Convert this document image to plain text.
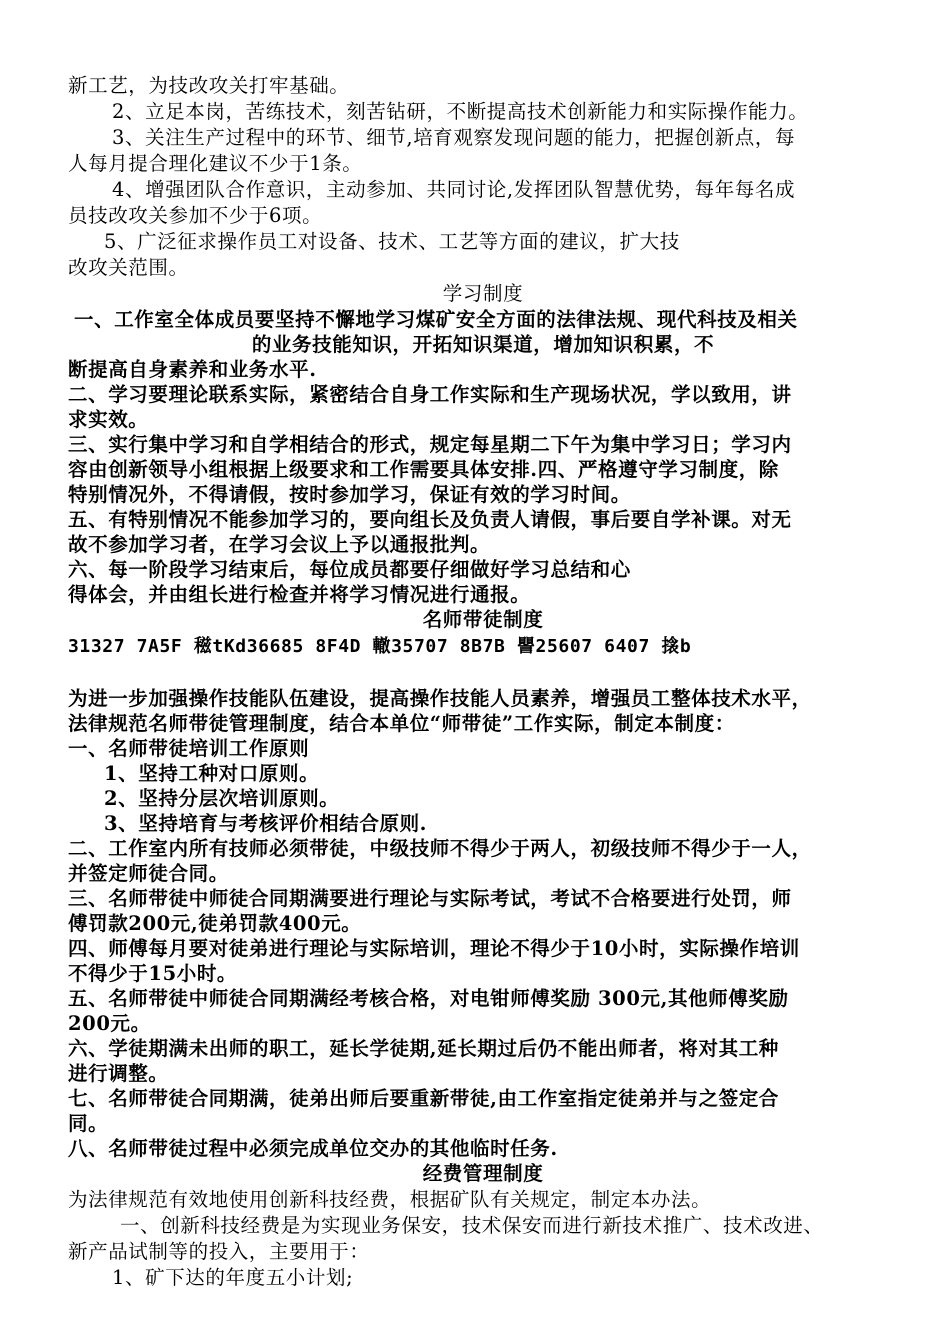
新工艺，为技改攻关打牢基础。
2、立足本岗，苦练技术，刻苦钻研，不断提高技术创新能力和实际操作能力。
3、关注生产过程中的环节、细节,培育观察发现问题的能力，把握创新点，每
人每月提合理化建议不少于1条。
4、增强团队合作意识，主动参加、共同讨论,发挥团队智慧优势，每年每名成
员技改攻关参加不少于6项。
5、广泛征求操作员工对设备、技术、工艺等方面的建议，扩大技
改攻关范围。
学习制度
一、工作室全体成员要坚持不懈地学习煤矿安全方面的法律法规、现代科技及相关
的业务技能知识，开拓知识渠道，增加知识积累，不
断提高自身素养和业务水平.
二、学习要理论联系实际，紧密结合自身工作实际和生产现场状况，学以致用，讲
求实效。
三、实行集中学习和自学相结合的形式，规定每星期二下午为集中学习日；学习内
容由创新领导小组根据上级要求和工作需要具体安排.四、严格遵守学习制度，除
特别情况外，不得请假，按时参加学习，保证有效的学习时间。
五、有特别情况不能参加学习的，要向组长及负责人请假，事后要自学补课。对无
故不参加学习者，在学习会议上予以通报批判。
六、每一阶段学习结束后，每位成员都要仔细做好学习总结和心
得体会，并由组长进行检查并将学习情况进行通报。
名师带徒制度
31327 7A5F 稵tKd36685 8F4D 轍35707 8B7B 譻25607 6407 搇b
为进一步加强操作技能队伍建设，提高操作技能人员素养，增强员工整体技术水平，
法律规范名师带徒管理制度，结合本单位“师带徒”工作实际，制定本制度：
一、名师带徒培训工作原则
1、坚持工种对口原则。
2、坚持分层次培训原则。
3、坚持培育与考核评价相结合原则.
二、工作室内所有技师必须带徒，中级技师不得少于两人，初级技师不得少于一人，
并签定师徒合同。
三、名师带徒中师徒合同期满要进行理论与实际考试，考试不合格要进行处罚，师
傅罚款200元,徒弟罚款400元。
四、师傅每月要对徒弟进行理论与实际培训，理论不得少于10小时，实际操作培训
不得少于15小时。
五、名师带徒中师徒合同期满经考核合格，对电钳师傅奖励 300元,其他师傅奖励
200元。
六、学徒期满未出师的职工，延长学徒期,延长期过后仍不能出师者，将对其工种
进行调整。
七、名师带徒合同期满，徒弟出师后要重新带徒,由工作室指定徒弟并与之签定合
同。
八、名师带徒过程中必须完成单位交办的其他临时任务.
经费管理制度
为法律规范有效地使用创新科技经费，根据矿队有关规定，制定本办法。
一、创新科技经费是为实现业务保安，技术保安而进行新技术推广、技术改进、
新产品试制等的投入，主要用于：
1、矿下达的年度五小计划;
